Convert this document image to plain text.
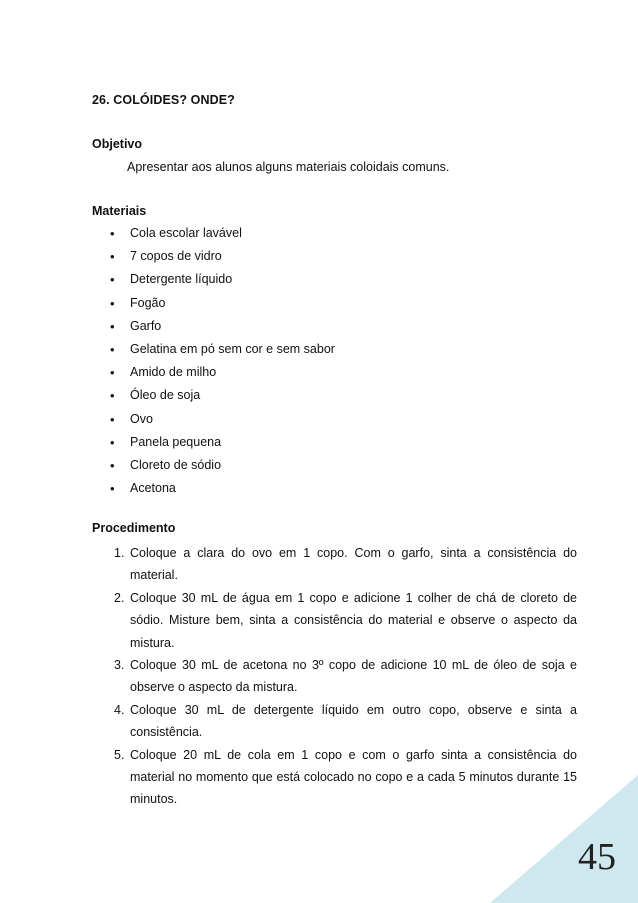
26. COLÓIDES? ONDE?
Objetivo
Apresentar aos alunos alguns materiais coloidais comuns.
Materiais
• Cola escolar lavável
• 7 copos de vidro
• Detergente líquido
• Fogão
• Garfo
• Gelatina em pó sem cor e sem sabor
• Amido de milho
• Óleo de soja
• Ovo
• Panela pequena
• Cloreto de sódio
• Acetona
Procedimento
1. Coloque a clara do ovo em 1 copo. Com o garfo, sinta a consistência do material.
2. Coloque 30 mL de água em 1 copo e adicione 1 colher de chá de cloreto de sódio. Misture bem, sinta a consistência do material e observe o aspecto da mistura.
3. Coloque 30 mL de acetona no 3º copo de adicione 10 mL de óleo de soja e observe o aspecto da mistura.
4. Coloque 30 mL de detergente líquido em outro copo, observe e sinta a consistência.
5. Coloque 20 mL de cola em 1 copo e com o garfo sinta a consistência do material no momento que está colocado no copo e a cada 5 minutos durante 15 minutos.
45
